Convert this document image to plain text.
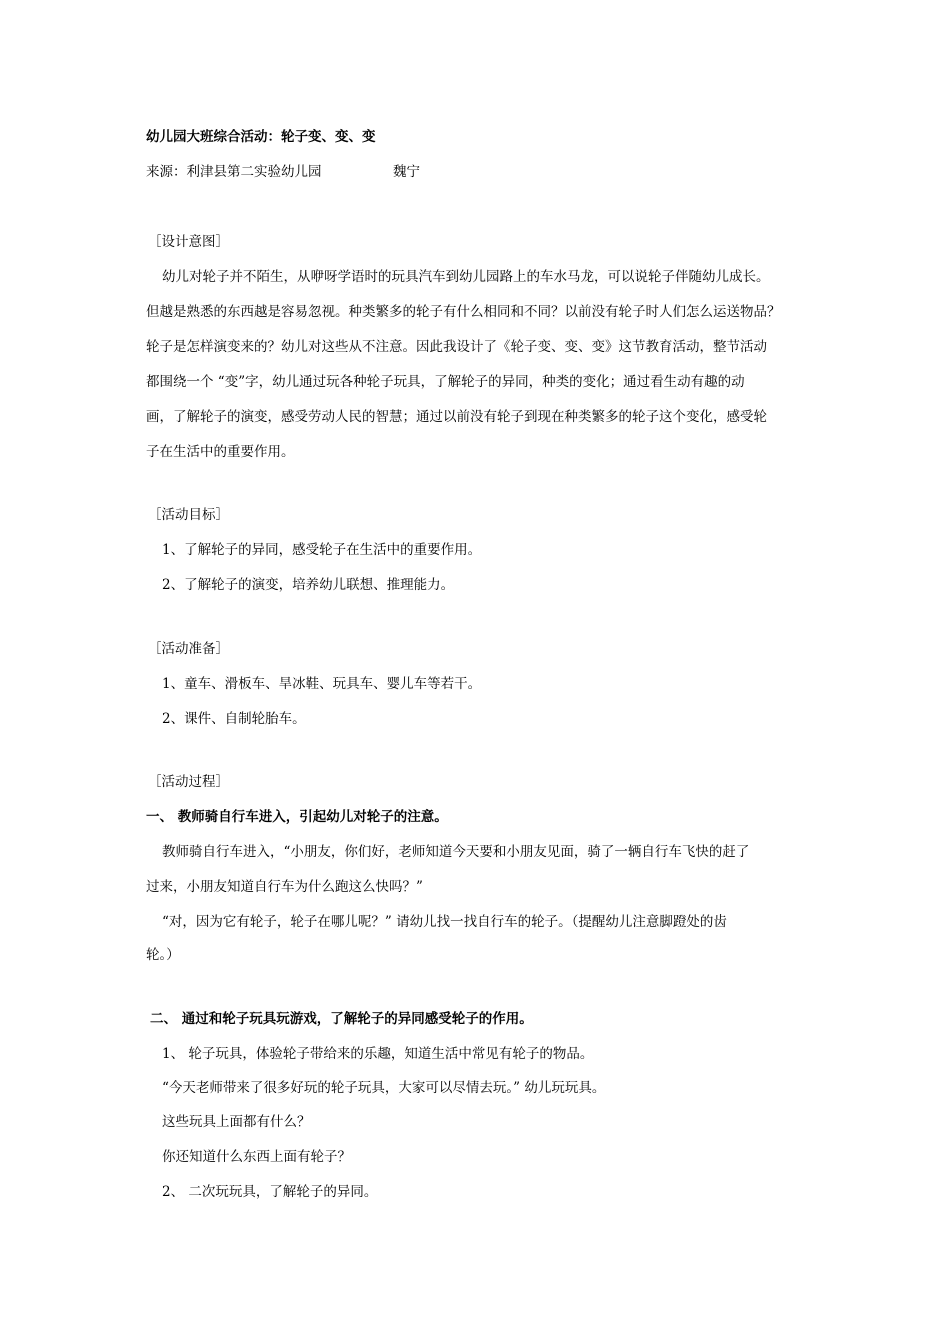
幼儿园大班综合活动：轮子变、变、变
来源：利津县第二实验幼儿园	魏宁
［设计意图］
幼儿对轮子并不陌生，从咿呀学语时的玩具汽车到幼儿园路上的车水马龙，可以说轮子伴随幼儿成长。
但越是熟悉的东西越是容易忽视。种类繁多的轮子有什么相同和不同？以前没有轮子时人们怎么运送物品？
轮子是怎样演变来的？幼儿对这些从不注意。因此我设计了《轮子变、变、变》这节教育活动，整节活动
都围绕一个 “变”字，幼儿通过玩各种轮子玩具，了解轮子的异同，种类的变化；通过看生动有趣的动
画，了解轮子的演变，感受劳动人民的智慧；通过以前没有轮子到现在种类繁多的轮子这个变化，感受轮
子在生活中的重要作用。
［活动目标］
1、了解轮子的异同，感受轮子在生活中的重要作用。
2、了解轮子的演变，培养幼儿联想、推理能力。
［活动准备］
1、童车、滑板车、旱冰鞋、玩具车、婴儿车等若干。
2、课件、自制轮胎车。
［活动过程］
一、 教师骑自行车进入，引起幼儿对轮子的注意。
教师骑自行车进入，“小朋友，你们好，老师知道今天要和小朋友见面，骑了一辆自行车飞快的赶了
过来，小朋友知道自行车为什么跑这么快吗？”
“对，因为它有轮子，轮子在哪儿呢？” 请幼儿找一找自行车的轮子。（提醒幼儿注意脚蹬处的齿
轮。）
二、 通过和轮子玩具玩游戏，了解轮子的异同感受轮子的作用。
1、 轮子玩具，体验轮子带给来的乐趣，知道生活中常见有轮子的物品。
“今天老师带来了很多好玩的轮子玩具，大家可以尽情去玩。” 幼儿玩玩具。
这些玩具上面都有什么？
你还知道什么东西上面有轮子？
2、 二次玩玩具，了解轮子的异同。
